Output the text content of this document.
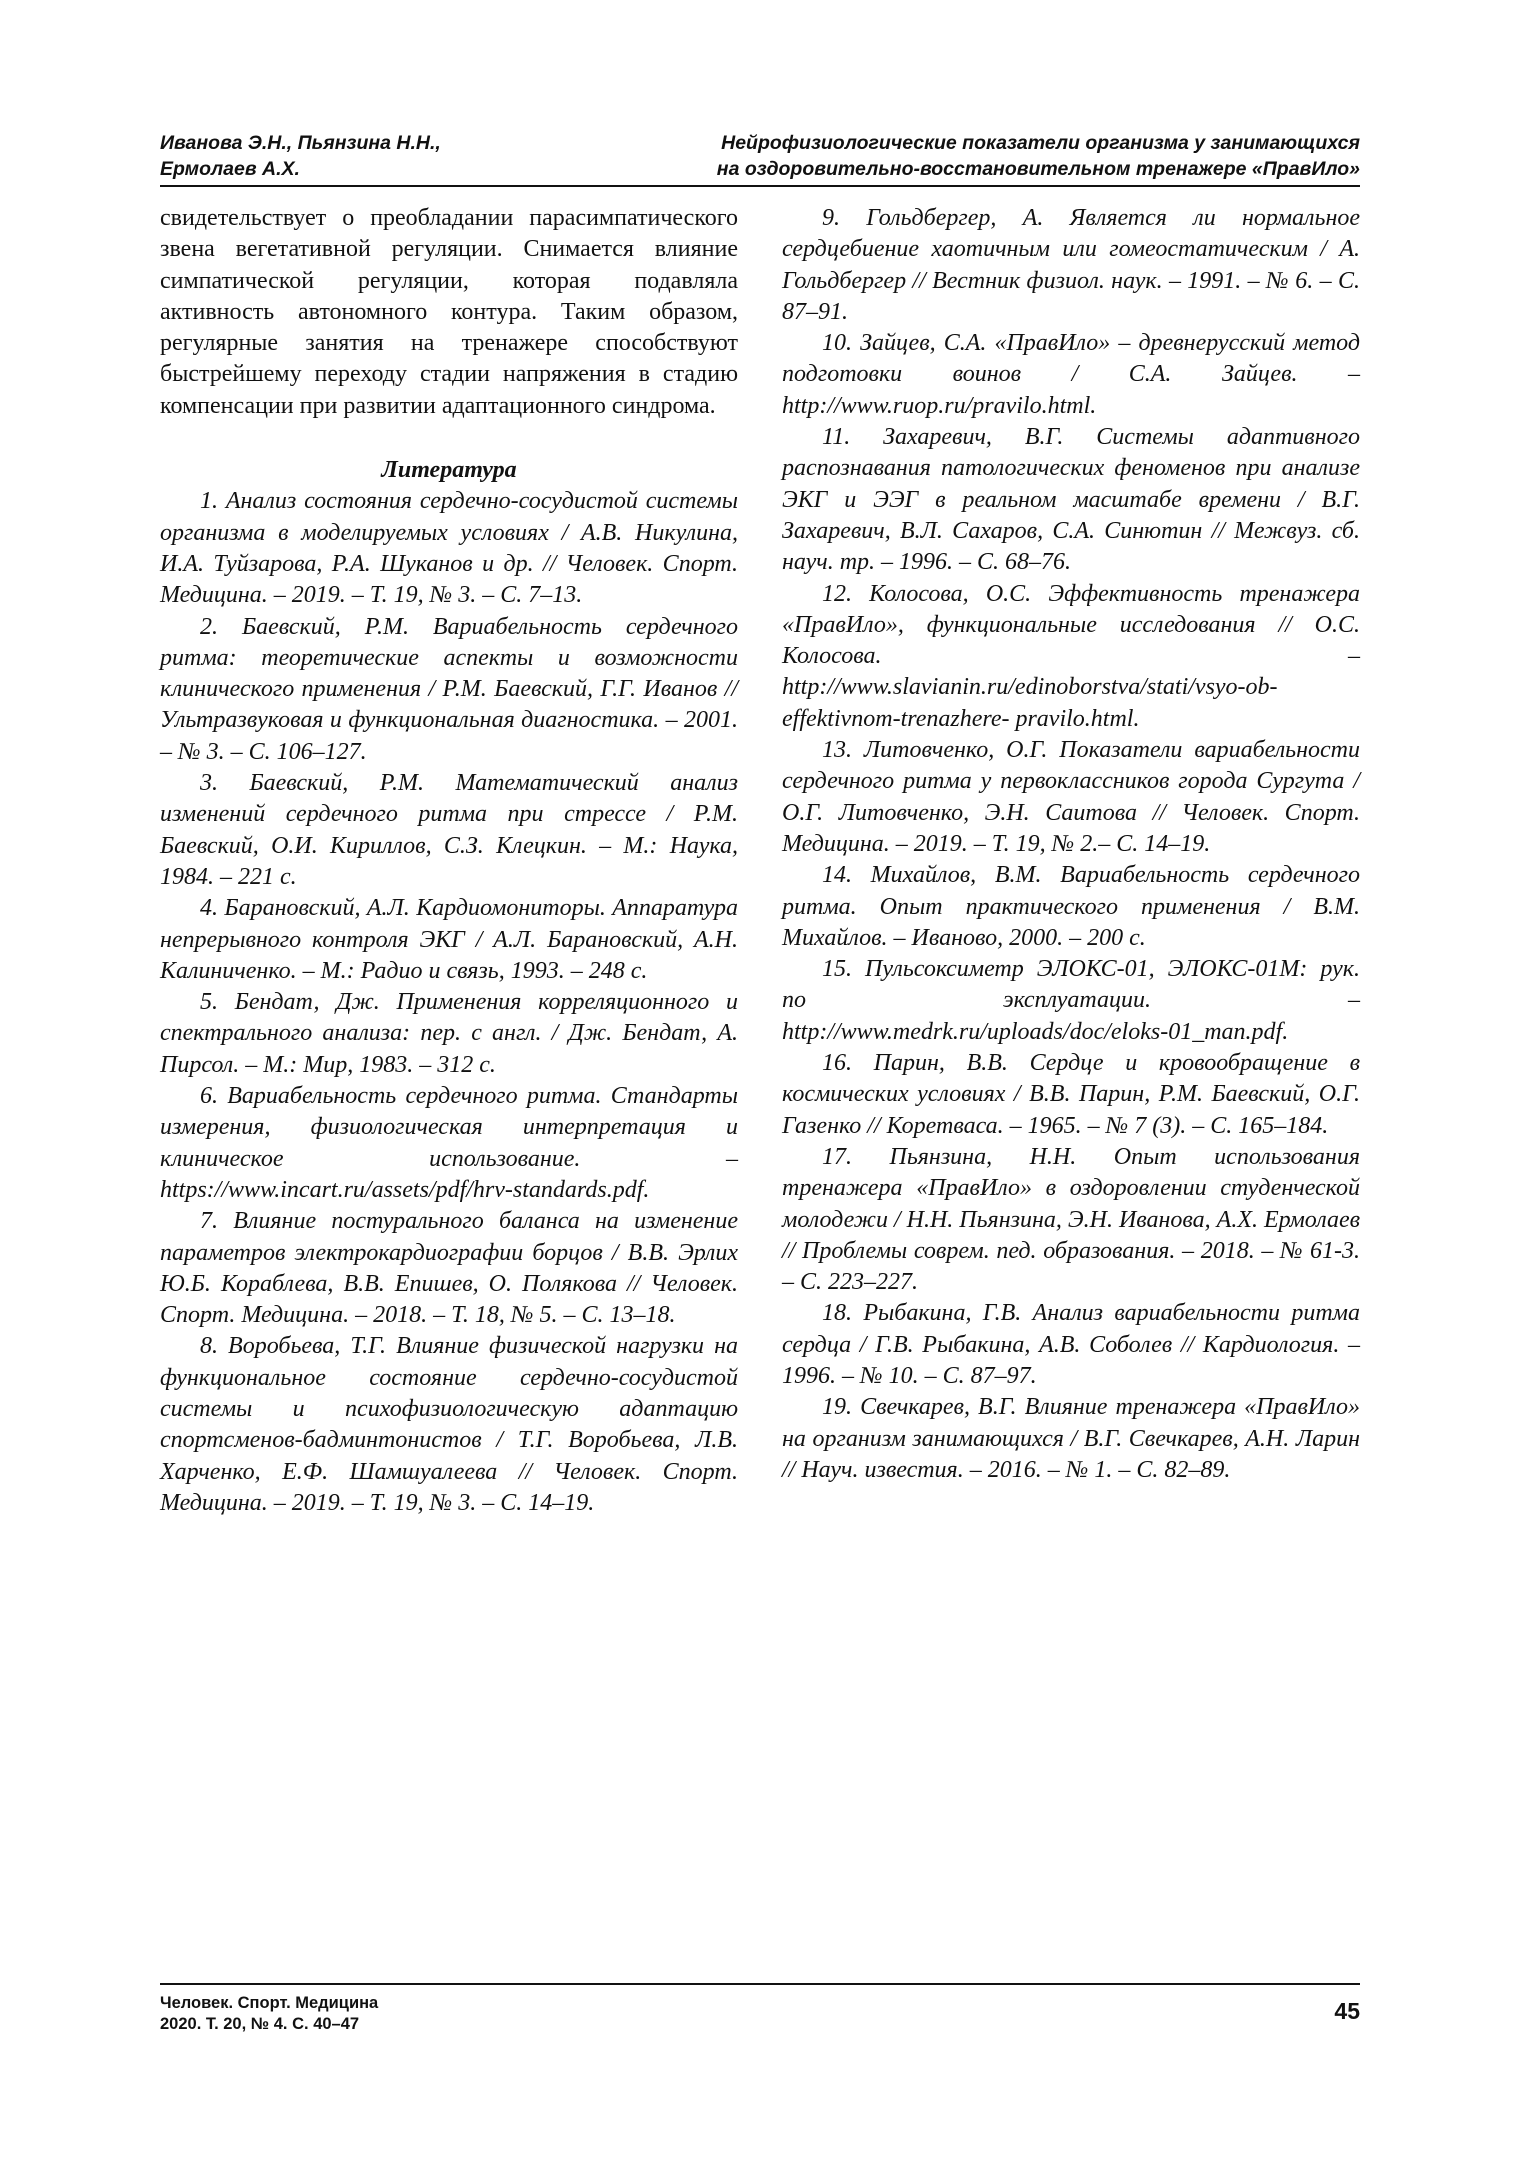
Иванова Э.Н., Пьянзина Н.Н.,
Ермолаев А.Х.
Нейрофизиологические показатели организма у занимающихся
на оздоровительно-восстановительном тренажере «ПравИло»

свидетельствует о преобладании парасимпатического звена вегетативной регуляции. Снимается влияние симпатической регуляции, которая подавляла активность автономного контура. Таким образом, регулярные занятия на тренажере способствуют быстрейшему переходу стадии напряжения в стадию компенсации при развитии адаптационного синдрома.

Литература

1. Анализ состояния сердечно-сосудистой системы организма в моделируемых условиях / А.В. Никулина, И.А. Туйзарова, Р.А. Шуканов и др. // Человек. Спорт. Медицина. – 2019. – Т. 19, № 3. – С. 7–13.

2. Баевский, Р.М. Вариабельность сердечного ритма: теоретические аспекты и возможности клинического применения / Р.М. Баевский, Г.Г. Иванов // Ультразвуковая и функциональная диагностика. – 2001. – № 3. – С. 106–127.

3. Баевский, Р.М. Математический анализ изменений сердечного ритма при стрессе / Р.М. Баевский, О.И. Кириллов, С.З. Клецкин. – М.: Наука, 1984. – 221 с.

4. Барановский, А.Л. Кардиомониторы. Аппаратура непрерывного контроля ЭКГ / А.Л. Барановский, А.Н. Калиниченко. – М.: Радио и связь, 1993. – 248 с.

5. Бендат, Дж. Применения корреляционного и спектрального анализа: пер. с англ. / Дж. Бендат, А. Пирсол. – М.: Мир, 1983. – 312 с.

6. Вариабельность сердечного ритма. Стандарты измерения, физиологическая интерпретация и клиническое использование. – https://www.incart.ru/assets/pdf/hrv-standards.pdf.

7. Влияние постурального баланса на изменение параметров электрокардиографии борцов / В.В. Эрлих Ю.Б. Кораблева, В.В. Епишев, О. Полякова // Человек. Спорт. Медицина. – 2018. – Т. 18, № 5. – С. 13–18.

8. Воробьева, Т.Г. Влияние физической нагрузки на функциональное состояние сердечно-сосудистой системы и психофизиологическую адаптацию спортсменов-бадминтонистов / Т.Г. Воробьева, Л.В. Харченко, Е.Ф. Шамшуалеева // Человек. Спорт. Медицина. – 2019. – Т. 19, № 3. – С. 14–19.

9. Гольдбергер, А. Является ли нормальное сердцебиение хаотичным или гомеостатическим / А. Гольдбергер // Вестник физиол. наук. – 1991. – № 6. – С. 87–91.

10. Зайцев, С.А. «ПравИло» – древнерусский метод подготовки воинов / С.А. Зайцев. – http://www.ruop.ru/pravilo.html.

11. Захаревич, В.Г. Системы адаптивного распознавания патологических феноменов при анализе ЭКГ и ЭЭГ в реальном масштабе времени / В.Г. Захаревич, В.Л. Сахаров, С.А. Синютин // Межвуз. сб. науч. тр. – 1996. – С. 68–76.

12. Колосова, О.С. Эффективность тренажера «ПравИло», функциональные исследования // О.С. Колосова. – http://www.slavianin.ru/edinoborstva/stati/vsyo-ob-effektivnom-trenazhere- pravilo.html.

13. Литовченко, О.Г. Показатели вариабельности сердечного ритма у первоклассников города Сургута / О.Г. Литовченко, Э.Н. Саитова // Человек. Спорт. Медицина. – 2019. – Т. 19, № 2.– С. 14–19.

14. Михайлов, В.М. Вариабельность сердечного ритма. Опыт практического применения / В.М. Михайлов. – Иваново, 2000. – 200 с.

15. Пульсоксиметр ЭЛОКС-01, ЭЛОКС-01М: рук. по эксплуатации. – http://www.medrk.ru/uploads/doc/eloks-01_man.pdf.

16. Парин, В.В. Сердце и кровообращение в космических условиях / В.В. Парин, Р.М. Баевский, О.Г. Газенко // Коретваса. – 1965. – № 7 (3). – С. 165–184.

17. Пьянзина, Н.Н. Опыт использования тренажера «ПравИло» в оздоровлении студенческой молодежи / Н.Н. Пьянзина, Э.Н. Иванова, А.Х. Ермолаев // Проблемы соврем. пед. образования. – 2018. – № 61-3. – С. 223–227.

18. Рыбакина, Г.В. Анализ вариабельности ритма сердца / Г.В. Рыбакина, А.В. Соболев // Кардиология. – 1996. – № 10. – С. 87–97.

19. Свечкарев, В.Г. Влияние тренажера «ПравИло» на организм занимающихся / В.Г. Свечкарев, А.Н. Ларин // Науч. известия. – 2016. – № 1. – С. 82–89.

Человек. Спорт. Медицина
2020. Т. 20, № 4. С. 40–47	45
